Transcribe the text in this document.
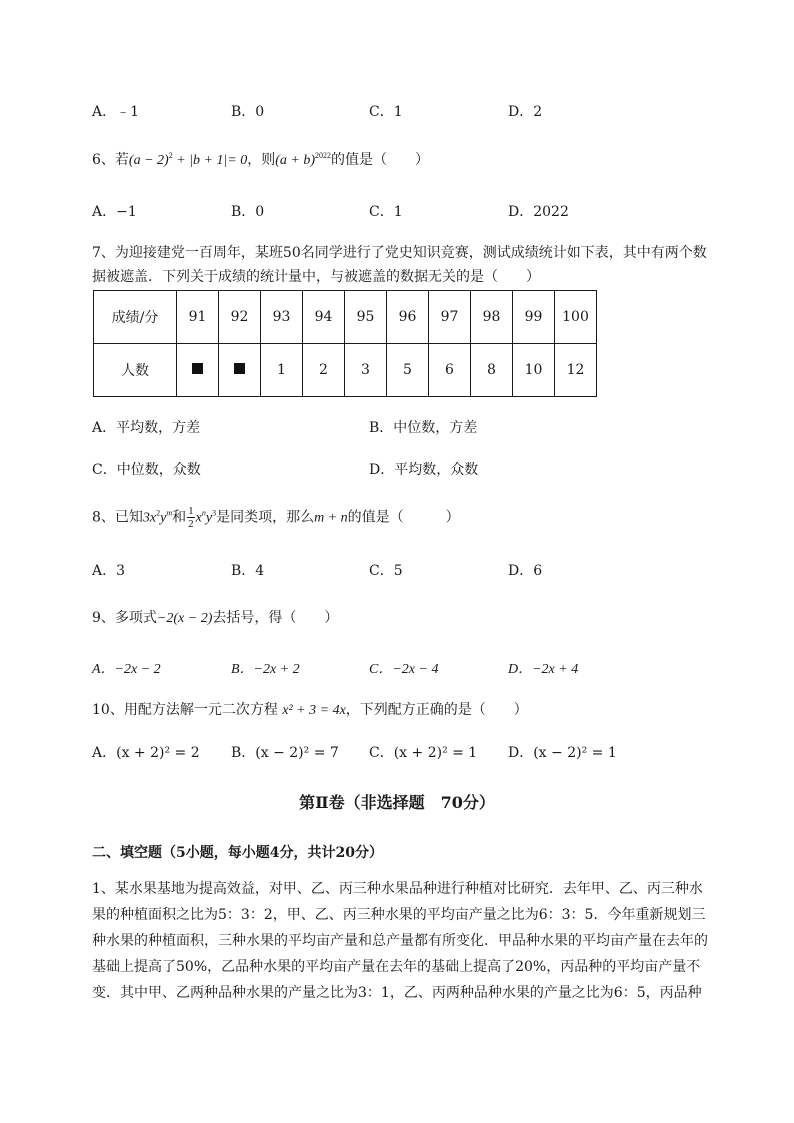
A．﹣1	B．0	C．1	D．2
6、若$(a - 2)^2 + |b + 1|= 0$，则$(a + b)^{2022}$的值是（　　）
A．−1	B．0	C．1	D．2022
7、为迎接建党一百周年，某班50名同学进行了党史知识竞赛，测试成绩统计如下表，其中有两个数
据被遮盖．下列关于成绩的统计量中，与被遮盖的数据无关的是（　　）
成绩/分	91	92	93	94	95	96	97	98	99	100
人数			1	2	3	5	6	8	10	12
A．平均数，方差	B．中位数，方差
C．中位数，众数	D．平均数，众数
8、已知$3x^2y^m$和 $\frac{1}{2} x^ny^3$是同类项，那么m + n的值是（　　　）
A．3	B．4	C．5	D．6
9、多项式−2(x − 2)去括号，得（　　）
A．−2x − 2	B．−2x + 2	C．−2x − 4	D．−2x + 4
10、用配方法解一元二次方程 x² + 3 = 4x，下列配方正确的是（　　）
A．(x + 2)² = 2 B．(x − 2)² = 7 C．(x + 2)² = 1 D．(x − 2)² = 1
第Ⅱ卷（非选择题　70分）
二、填空题（5小题，每小题4分，共计20分）
1、某水果基地为提高效益，对甲、乙、丙三种水果品种进行种植对比研究．去年甲、乙、丙三种水
果的种植面积之比为5：3：2，甲、乙、丙三种水果的平均亩产量之比为6：3：5．今年重新规划三
种水果的种植面积，三种水果的平均亩产量和总产量都有所变化．甲品种水果的平均亩产量在去年的
基础上提高了50%，乙品种水果的平均亩产量在去年的基础上提高了20%，丙品种的平均亩产量不
变．其中甲、乙两种品种水果的产量之比为3：1，乙、丙两种品种水果的产量之比为6：5，丙品种
